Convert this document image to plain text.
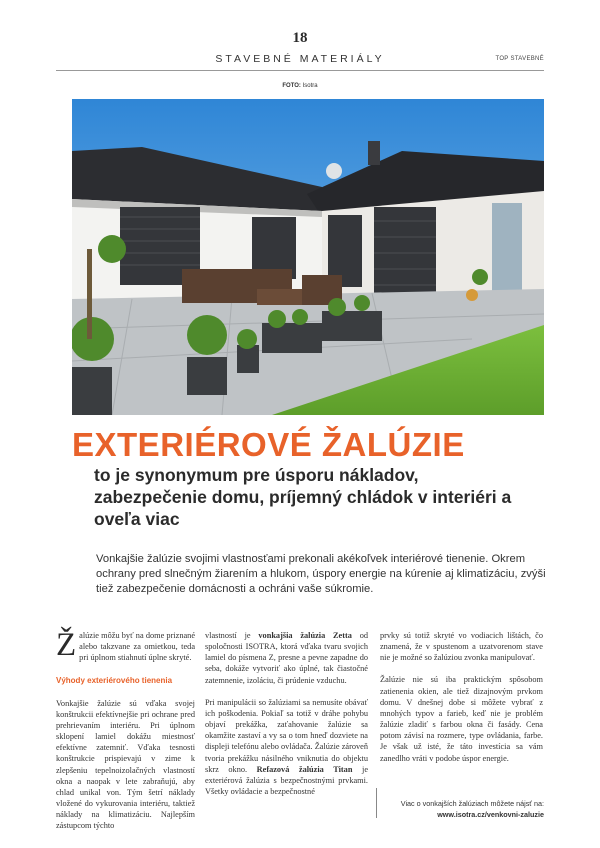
18
STAVEBNÉ MATERIÁLY	TOP STAVEBNÉ
FOTO: Isotra
EXTERIÉROVÉ ŽALÚZIE
to je synonymum pre úsporu nákladov, zabezpečenie domu, príjemný chládok v interiéri a oveľa viac
Vonkajšie žalúzie svojimi vlastnosťami prekonali akékoľvek interiérové tienenie. Okrem ochrany pred slnečným žiarením a hlukom, úspory energie na kúrenie aj klimatizáciu, zvýši tiež zabezpečenie domácnosti a ochráni vaše súkromie.

Žalúzie môžu byť na dome priznané alebo takzvane za omietkou, teda pri úplnom stiahnutí úplne skryté.

Výhody exteriérového tienenia

Vonkajšie žalúzie sú vďaka svojej konštrukcii efektívnejšie pri ochrane pred prehrievaním interiéru. Pri úplnom sklopení lamiel dokážu miestnosť efektívne zatemniť. Vďaka tesnosti konštrukcie prispievajú v zime k zlepšeniu tepelnoizolačných vlastností okna a naopak v lete zabraňujú, aby chlad unikal von. Tým šetrí náklady vložené do vykurovania interiéru, taktiež náklady na klimatizáciu. Najlepším zástupcom týchto

vlastností je vonkajšia žalúzia Zetta od spoločnosti ISOTRA, ktorá vďaka tvaru svojich lamiel do písmena Z, presne a pevne zapadne do seba, dokáže vytvoriť ako úplné, tak čiastočné zatemnenie, izoláciu, či prúdenie vzduchu.

Pri manipulácii so žalúziami sa nemusíte obávať ich poškodenia. Pokiaľ sa totiž v dráhe pohybu objaví prekážka, zaťahovanie žalúzie sa okamžite zastaví a vy sa o tom hneď dozviete na displeji telefónu alebo ovládača. Žalúzie zároveň tvoria prekážku násilného vniknutia do objektu skrz okno. Refazová žalúzia Titan je exteriérová žalúzia s bezpečnostnými prvkami. Všetky ovládacie a bezpečnostné

prvky sú totiž skryté vo vodiacich lištách, čo znamená, že v spustenom a uzatvorenom stave nie je možné so žalúziou zvonka manipulovať.

Žalúzie nie sú iba praktickým spôsobom zatienenia okien, ale tiež dizajnovým prvkom domu. V dnešnej dobe si môžete vybrať z mnohých typov a farieb, keď nie je problém žalúzie zladiť s farbou okna či fasády. Cena potom závisí na rozmere, type ovládania, farbe. Je však už isté, že táto investícia sa vám zanedlho vráti v podobe úspor energie.

Viac o vonkajších žalúziach môžete nájsť na: www.isotra.cz/venkovni-zaluzie
